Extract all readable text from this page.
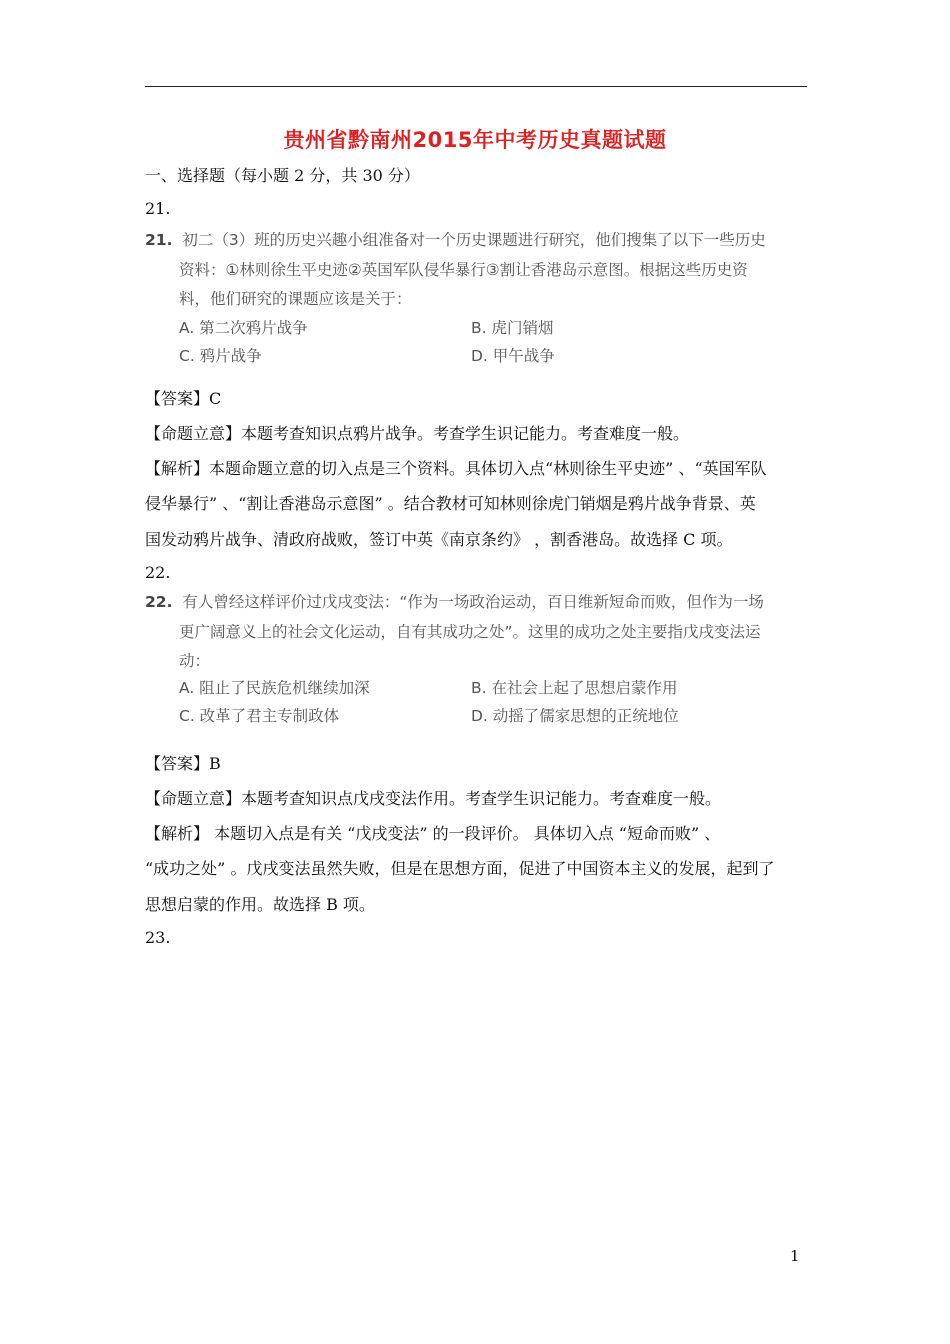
贵州省黔南州2015年中考历史真题试题
一、选择题（每小题 2 分，共 30 分）
21.
21. 初二（3）班的历史兴趣小组准备对一个历史课题进行研究，他们搜集了以下一些历史
资料：①林则徐生平史迹②英国军队侵华暴行③割让香港岛示意图。根据这些历史资
料，他们研究的课题应该是关于：
A. 第二次鸦片战争	B. 虎门销烟
C. 鸦片战争	D. 甲午战争
【答案】C
【命题立意】本题考查知识点鸦片战争。考查学生识记能力。考查难度一般。
【解析】本题命题立意的切入点是三个资料。具体切入点“林则徐生平史迹” 、“英国军队
侵华暴行” 、“割让香港岛示意图” 。结合教材可知林则徐虎门销烟是鸦片战争背景、英
国发动鸦片战争、清政府战败，签订中英《南京条约》 ，割香港岛。故选择 C 项。
22.
22. 有人曾经这样评价过戊戌变法：“作为一场政治运动，百日维新短命而败，但作为一场
更广阔意义上的社会文化运动，自有其成功之处”。这里的成功之处主要指戊戌变法运
动：
A. 阻止了民族危机继续加深	B. 在社会上起了思想启蒙作用
C. 改革了君主专制政体	D. 动摇了儒家思想的正统地位
【答案】B
【命题立意】本题考查知识点戊戌变法作用。考查学生识记能力。考查难度一般。
【解析】 本题切入点是有关 “戊戌变法” 的一段评价。 具体切入点 “短命而败” 、
“成功之处” 。戊戌变法虽然失败，但是在思想方面，促进了中国资本主义的发展，起到了
思想启蒙的作用。故选择 B 项。
23.
1
